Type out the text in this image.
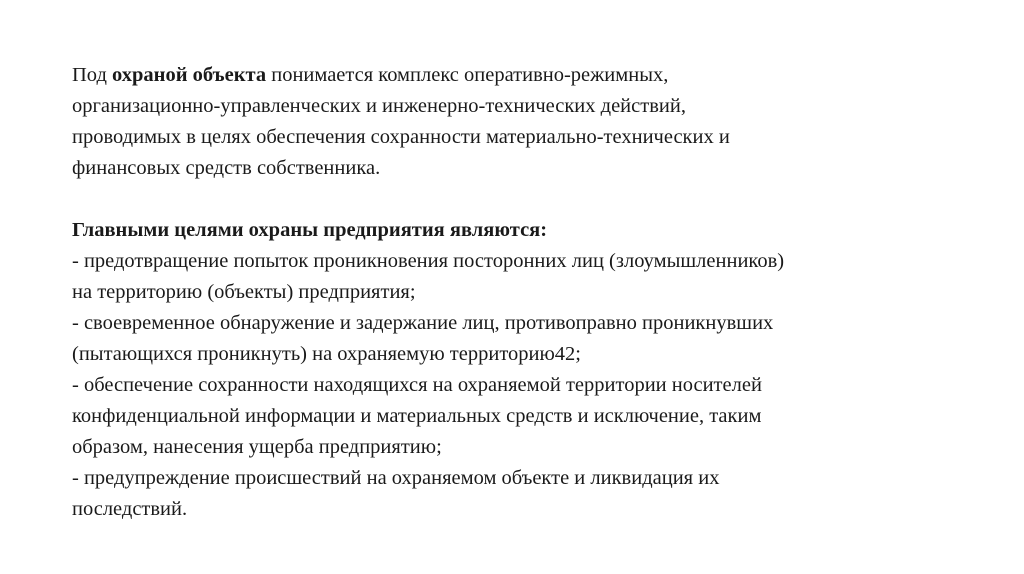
Под охраной объекта понимается комплекс оперативно-режимных,
организационно-управленческих и инженерно-технических действий,
проводимых в целях обеспечения сохранности материально-технических и
финансовых средств собственника.

Главными целями охраны предприятия являются:
- предотвращение попыток проникновения посторонних лиц (злоумышленников)
на территорию (объекты) предприятия;
- своевременное обнаружение и задержание лиц, противоправно проникнувших
(пытающихся проникнуть) на охраняемую территорию42;
- обеспечение сохранности находящихся на охраняемой территории носителей
конфиденциальной информации и материальных средств и исключение, таким
образом, нанесения ущерба предприятию;
- предупреждение происшествий на охраняемом объекте и ликвидация их
последствий.
